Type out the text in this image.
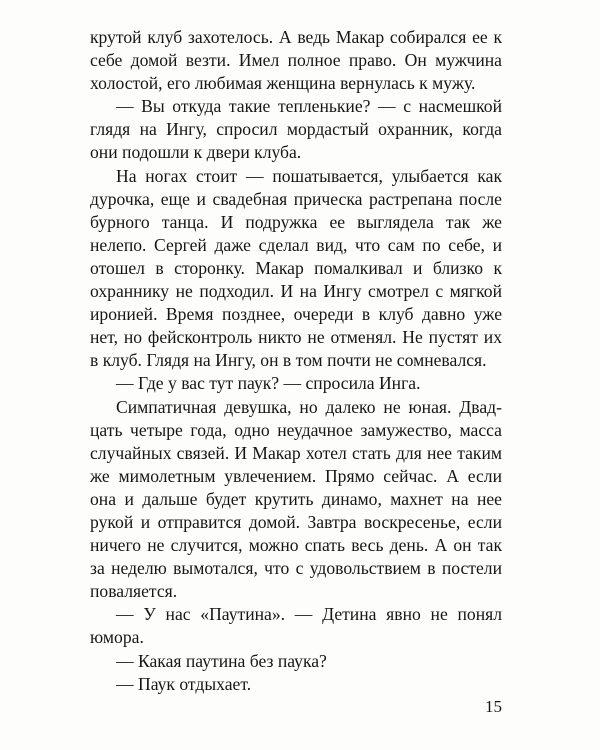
крутой клуб захотелось. А ведь Макар собирался ее к себе домой везти. Имел полное право. Он мужчина холостой, его любимая женщина вернулась к мужу.

— Вы откуда такие тепленькие? — с насмешкой глядя на Ингу, спросил мордастый охранник, когда они подошли к двери клуба.

На ногах стоит — пошатывается, улыбается как дурочка, еще и свадебная прическа растрепана после бурного танца. И подружка ее выглядела так же нелепо. Сергей даже сделал вид, что сам по себе, и отошел в сторонку. Макар помалкивал и близко к охраннику не подходил. И на Ингу смотрел с мягкой иронией. Время позднее, очереди в клуб давно уже нет, но фейсконтроль никто не отменял. Не пустят их в клуб. Глядя на Ингу, он в том почти не сомневался.

— Где у вас тут паук? — спросила Инга.

Симпатичная девушка, но далеко не юная. Двадцать четыре года, одно неудачное замужество, масса случайных связей. И Макар хотел стать для нее таким же мимолетным увлечением. Прямо сейчас. А если она и дальше будет крутить динамо, махнет на нее рукой и отправится домой. Завтра воскресенье, если ничего не случится, можно спать весь день. А он так за неделю вымотался, что с удовольствием в постели поваляется.

— У нас «Паутина». — Детина явно не понял юмора.

— Какая паутина без паука?

— Паук отдыхает.

15
